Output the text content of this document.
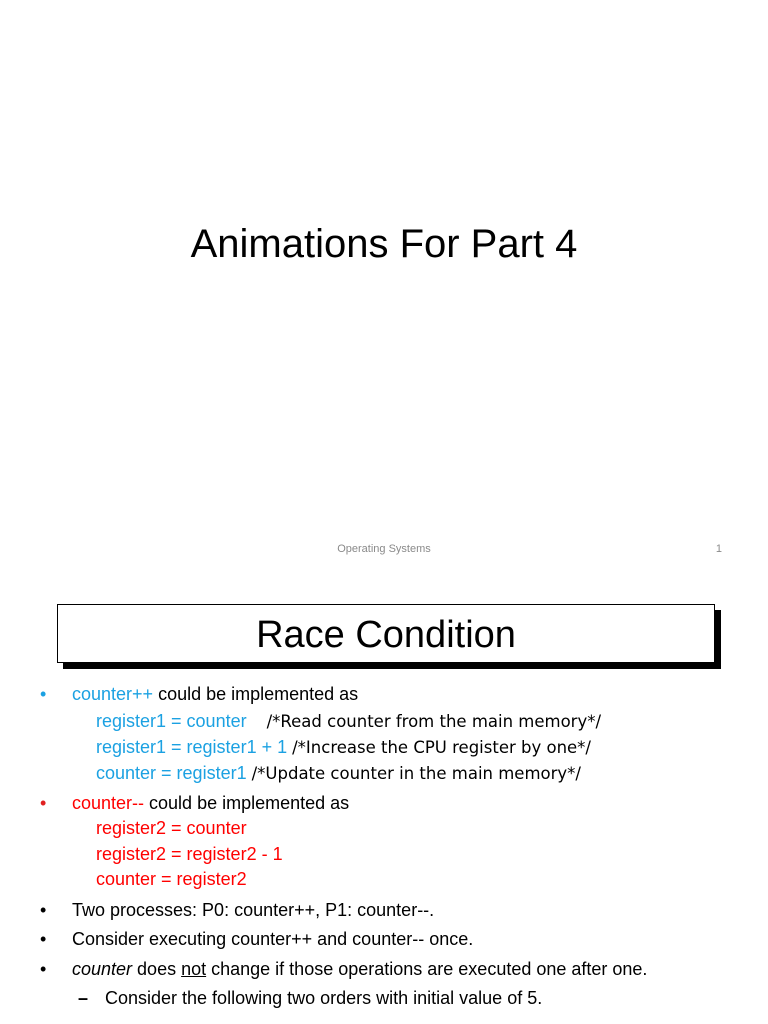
Animations For Part 4
Operating Systems	1
Race Condition
•	counter++ could be implemented as
register1 = counter /*Read counter from the main memory*/
register1 = register1 + 1 /*Increase the CPU register by one*/
counter = register1 /*Update counter in the main memory*/
•	counter-- could be implemented as
register2 = counter
register2 = register2 - 1
counter = register2
•	Two processes: P0: counter++, P1: counter--.
•	Consider executing counter++ and counter-- once.
•	counter does not change if those operations are executed one after one.
– Consider the following two orders with initial value of 5.
